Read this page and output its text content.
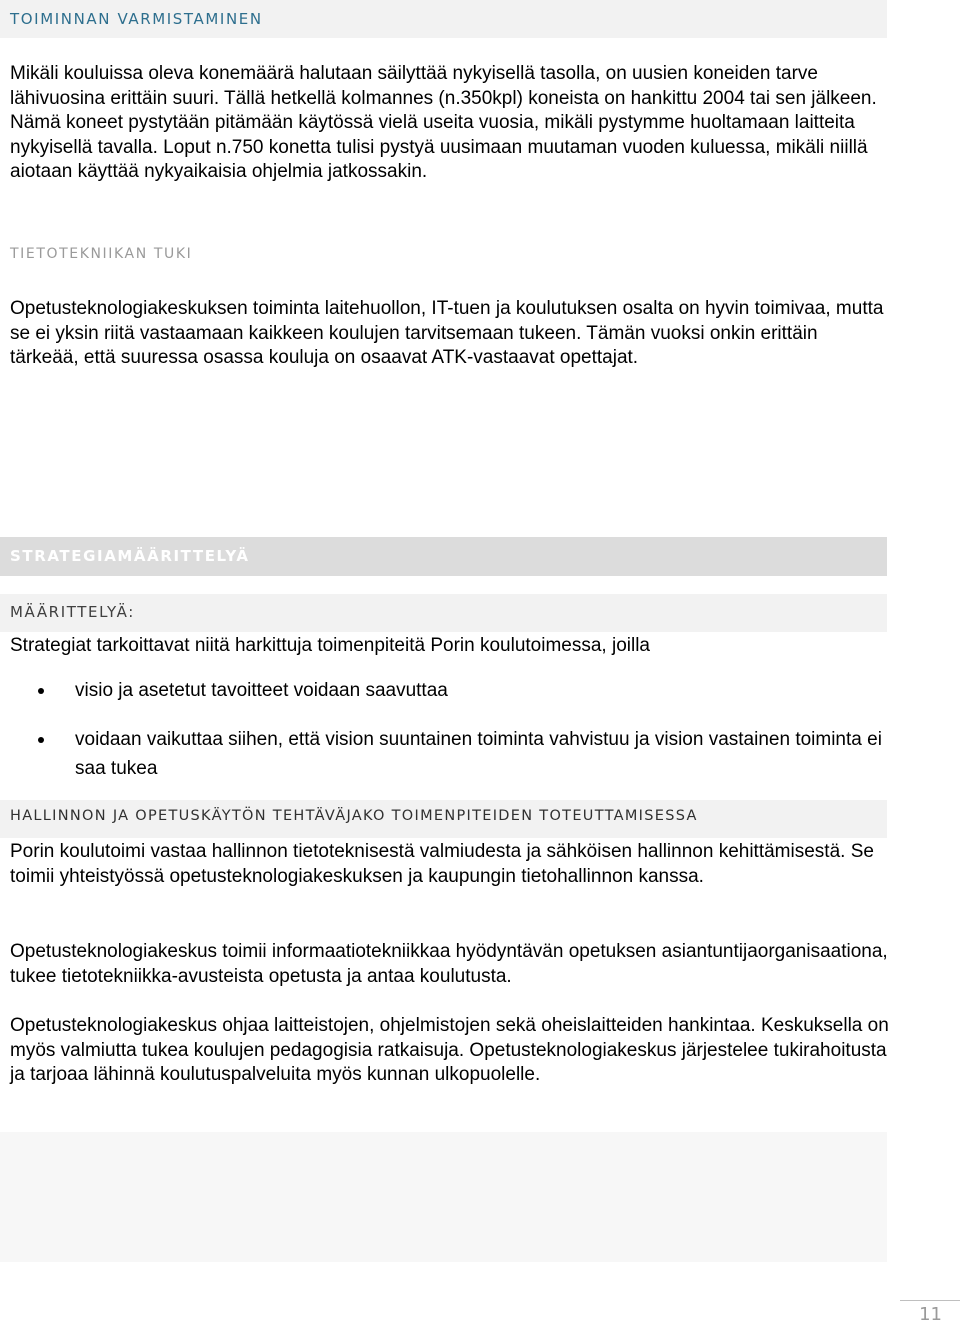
TOIMINNAN VARMISTAMINEN

Mikäli kouluissa oleva konemäärä halutaan säilyttää nykyisellä tasolla, on uusien koneiden tarve lähivuosina erittäin suuri. Tällä hetkellä kolmannes (n.350kpl) koneista on hankittu 2004 tai sen jälkeen. Nämä koneet pystytään pitämään käytössä vielä useita vuosia, mikäli pystymme huoltamaan laitteita nykyisellä tavalla. Loput n.750 konetta tulisi pystyä uusimaan muutaman vuoden kuluessa, mikäli niillä aiotaan käyttää nykyaikaisia ohjelmia jatkossakin.

TIETOTEKNIIKAN TUKI

Opetusteknologiakeskuksen toiminta laitehuollon, IT-tuen ja koulutuksen osalta on hyvin toimivaa, mutta se ei yksin riitä vastaamaan kaikkeen koulujen tarvitsemaan tukeen. Tämän vuoksi onkin erittäin tärkeää, että suuressa osassa kouluja on osaavat ATK-vastaavat opettajat.

STRATEGIAMÄÄRITTELYÄ
MÄÄRITTELYÄ:

Strategiat tarkoittavat niitä harkittuja toimenpiteitä Porin koulutoimessa, joilla

visio ja asetetut tavoitteet voidaan saavuttaa
voidaan vaikuttaa siihen, että vision suuntainen toiminta vahvistuu ja vision vastainen toiminta ei saa tukea
HALLINNON JA OPETUSKÄYTÖN TEHTÄVÄJAKO TOIMENPITEIDEN TOTEUTTAMISESSA

Porin koulutoimi vastaa hallinnon tietoteknisestä valmiudesta ja sähköisen hallinnon kehittämisestä. Se toimii yhteistyössä opetusteknologiakeskuksen ja kaupungin tietohallinnon kanssa.

Opetusteknologiakeskus toimii informaatiotekniikkaa hyödyntävän opetuksen asiantuntijaorganisaationa, tukee tietotekniikka-avusteista opetusta ja antaa koulutusta.

Opetusteknologiakeskus ohjaa laitteistojen, ohjelmistojen sekä oheislaitteiden hankintaa. Keskuksella on myös valmiutta tukea koulujen pedagogisia ratkaisuja. Opetusteknologiakeskus järjestelee tukirahoitusta ja tarjoaa lähinnä koulutuspalveluita myös kunnan ulkopuolelle.

11
